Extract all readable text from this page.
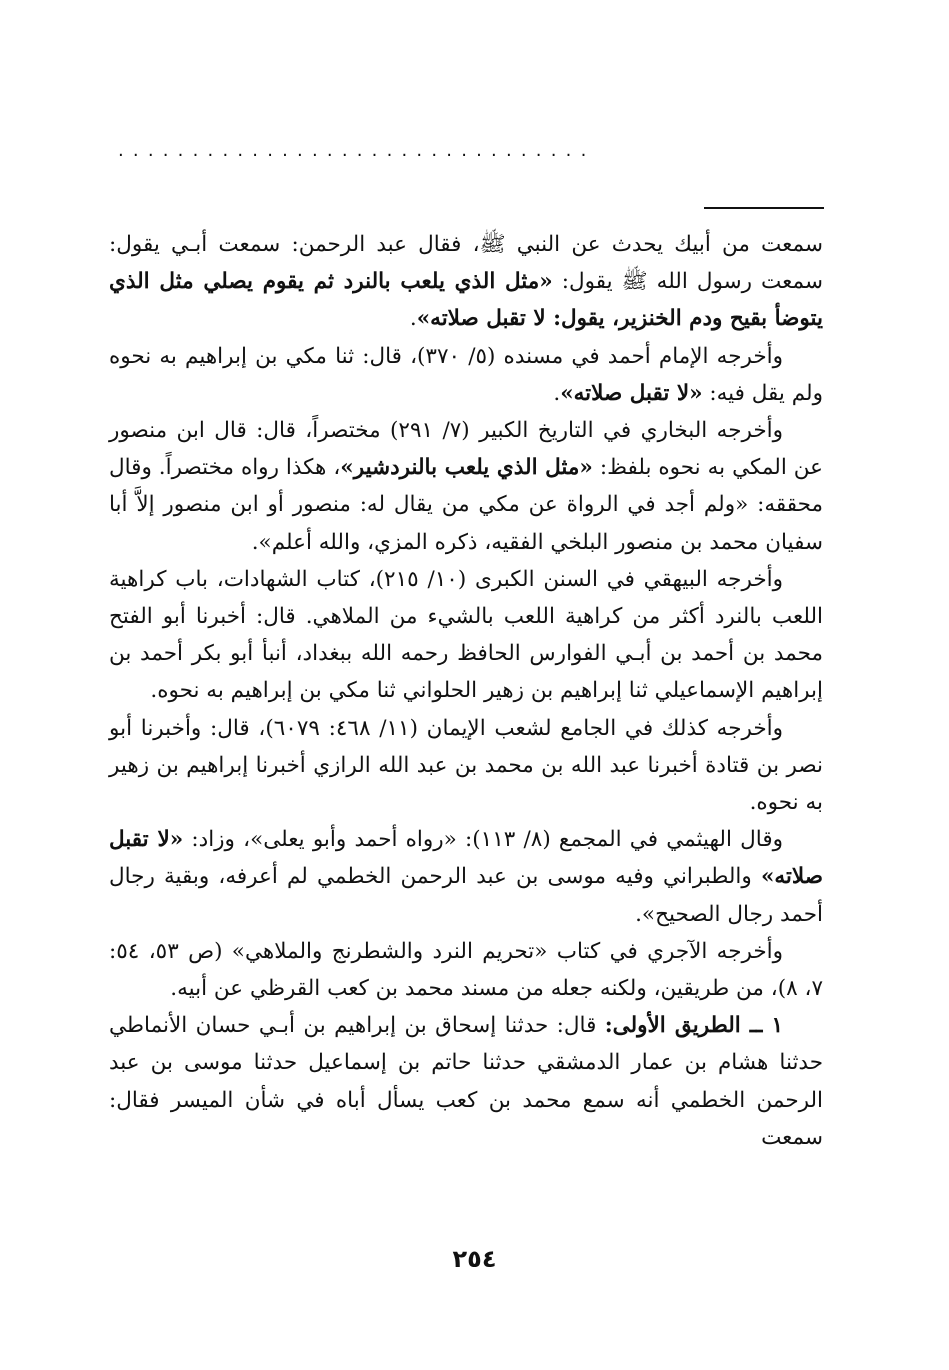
................................

سمعت من أبيك يحدث عن النبي ﷺ، فقال عبد الرحمن: سمعت أبـي يقول: سمعت رسول الله ﷺ يقول: «مثل الذي يلعب بالنرد ثم يقوم يصلي مثل الذي يتوضأ بقيح ودم الخنزير، يقول: لا تقبل صلاته».

وأخرجه الإمام أحمد في مسنده (٥/ ٣٧٠)، قال: ثنا مكي بن إبراهيم به نحوه ولم يقل فيه: «لا تقبل صلاته».

وأخرجه البخاري في التاريخ الكبير (٧/ ٢٩١) مختصراً، قال: قال ابن منصور عن المكي به نحوه بلفظ: «مثل الذي يلعب بالنردشير»، هكذا رواه مختصراً. وقال محققه: «ولم أجد في الرواة عن مكي من يقال له: منصور أو ابن منصور إلاَّ أبا سفيان محمد بن منصور البلخي الفقيه، ذكره المزي، والله أعلم».

وأخرجه البيهقي في السنن الكبرى (١٠/ ٢١٥)، كتاب الشهادات، باب كراهية اللعب بالنرد أكثر من كراهية اللعب بالشيء من الملاهي. قال: أخبرنا أبو الفتح محمد بن أحمد بن أبـي الفوارس الحافظ رحمه الله ببغداد، أنبأ أبو بكر أحمد بن إبراهيم الإسماعيلي ثنا إبراهيم بن زهير الحلواني ثنا مكي بن إبراهيم به نحوه.

وأخرجه كذلك في الجامع لشعب الإيمان (١١/ ٤٦٨: ٦٠٧٩)، قال: وأخبرنا أبو نصر بن قتادة أخبرنا عبد الله بن محمد بن عبد الله الرازي أخبرنا إبراهيم بن زهير به نحوه.

وقال الهيثمي في المجمع (٨/ ١١٣): «رواه أحمد وأبو يعلى»، وزاد: «لا تقبل صلاته» والطبراني وفيه موسى بن عبد الرحمن الخطمي لم أعرفه، وبقية رجال أحمد رجال الصحيح».

وأخرجه الآجري في كتاب «تحريم النرد والشطرنج والملاهي» (ص ٥٣، ٥٤: ٧، ٨)، من طريقين، ولكنه جعله من مسند محمد بن كعب القرظي عن أبيه.

١ ــ الطريق الأولى: قال: حدثنا إسحاق بن إبراهيم بن أبـي حسان الأنماطي حدثنا هشام بن عمار الدمشقي حدثنا حاتم بن إسماعيل حدثنا موسى بن عبد الرحمن الخطمي أنه سمع محمد بن كعب يسأل أباه في شأن الميسر فقال: سمعت

٢٥٤
